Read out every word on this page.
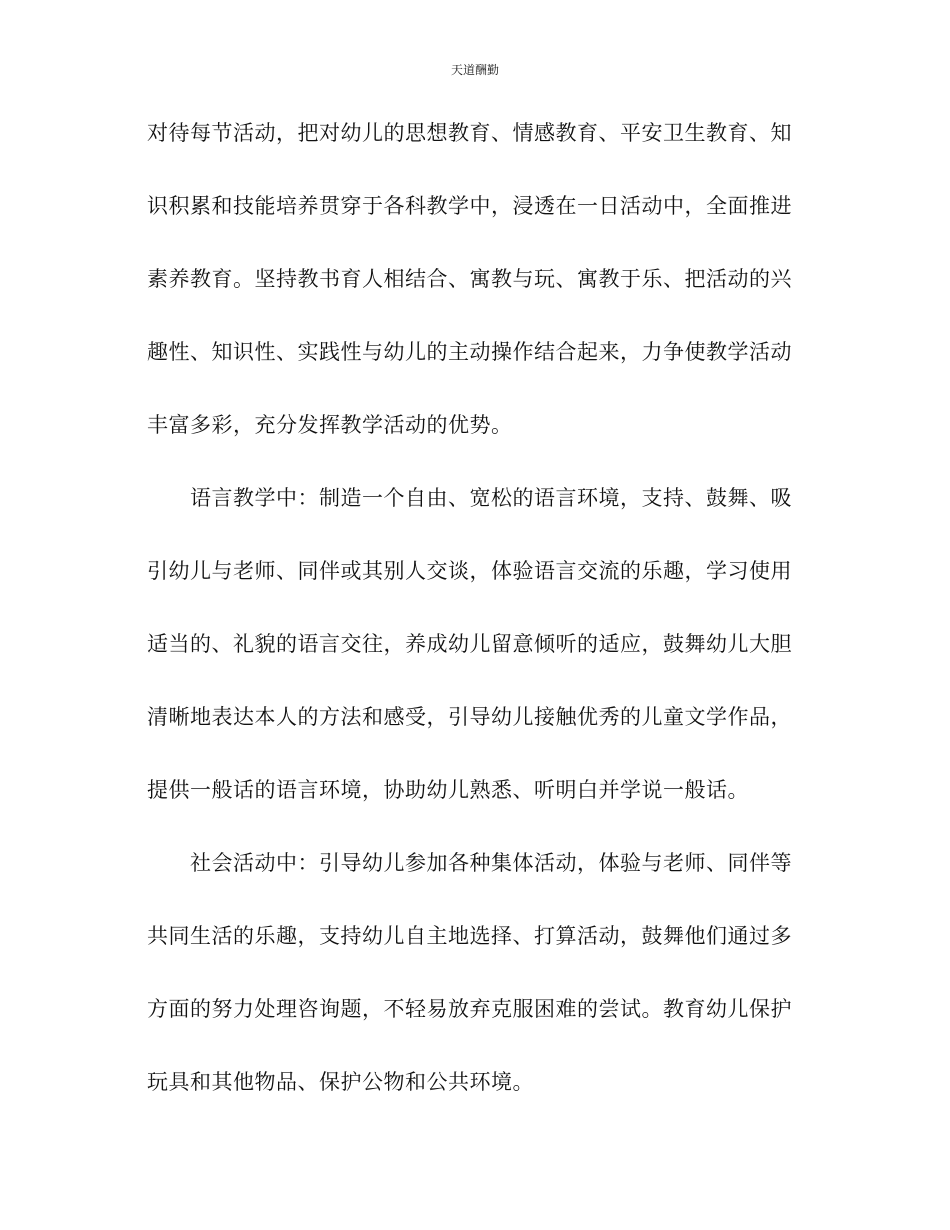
天道酬勤
对待每节活动，把对幼儿的思想教育、情感教育、平安卫生教育、知
识积累和技能培养贯穿于各科教学中，浸透在一日活动中，全面推进
素养教育。坚持教书育人相结合、寓教与玩、寓教于乐、把活动的兴
趣性、知识性、实践性与幼儿的主动操作结合起来，力争使教学活动
丰富多彩，充分发挥教学活动的优势。
语言教学中：制造一个自由、宽松的语言环境，支持、鼓舞、吸
引幼儿与老师、同伴或其别人交谈，体验语言交流的乐趣，学习使用
适当的、礼貌的语言交往，养成幼儿留意倾听的适应，鼓舞幼儿大胆
清晰地表达本人的方法和感受，引导幼儿接触优秀的儿童文学作品，
提供一般话的语言环境，协助幼儿熟悉、听明白并学说一般话。
社会活动中：引导幼儿参加各种集体活动，体验与老师、同伴等
共同生活的乐趣，支持幼儿自主地选择、打算活动，鼓舞他们通过多
方面的努力处理咨询题，不轻易放弃克服困难的尝试。教育幼儿保护
玩具和其他物品、保护公物和公共环境。
